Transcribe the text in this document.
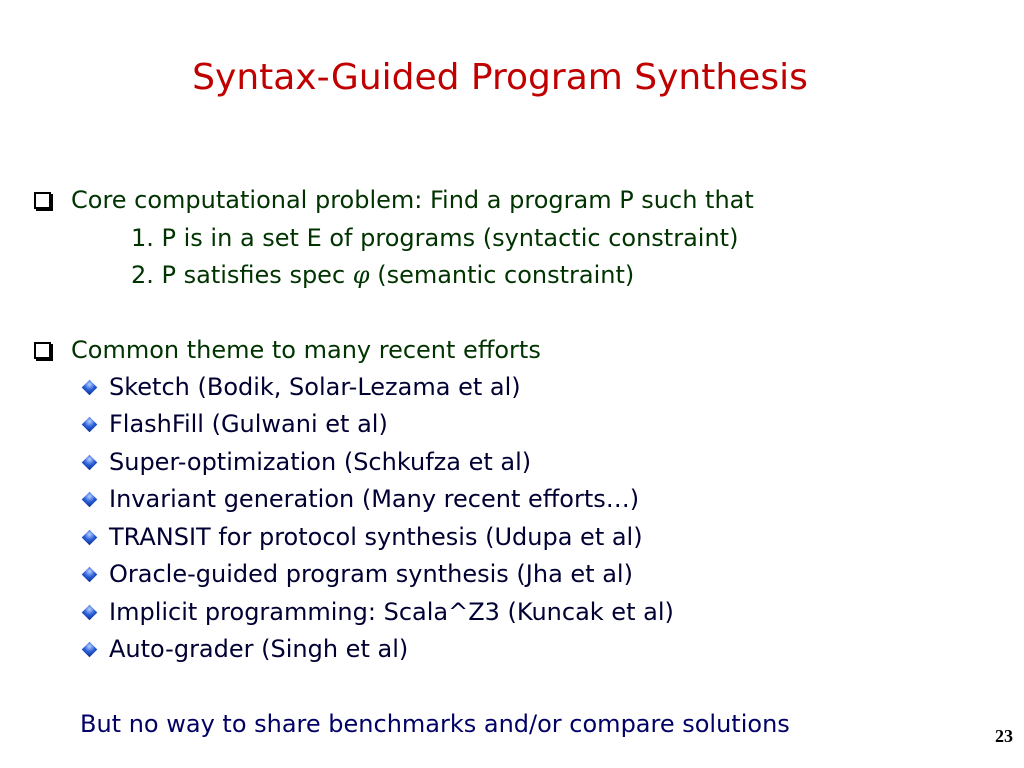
Syntax-Guided Program Synthesis
Core computational problem: Find a program P such that
1. P is in a set E of programs (syntactic constraint)
2. P satisfies spec φ (semantic constraint)
Common theme to many recent efforts
Sketch (Bodik, Solar-Lezama et al)
FlashFill (Gulwani et al)
Super-optimization (Schkufza et al)
Invariant generation (Many recent efforts…)
TRANSIT for protocol synthesis (Udupa et al)
Oracle-guided program synthesis (Jha et al)
Implicit programming: Scala^Z3 (Kuncak et al)
Auto-grader (Singh et al)
But no way to share benchmarks and/or compare solutions	23
